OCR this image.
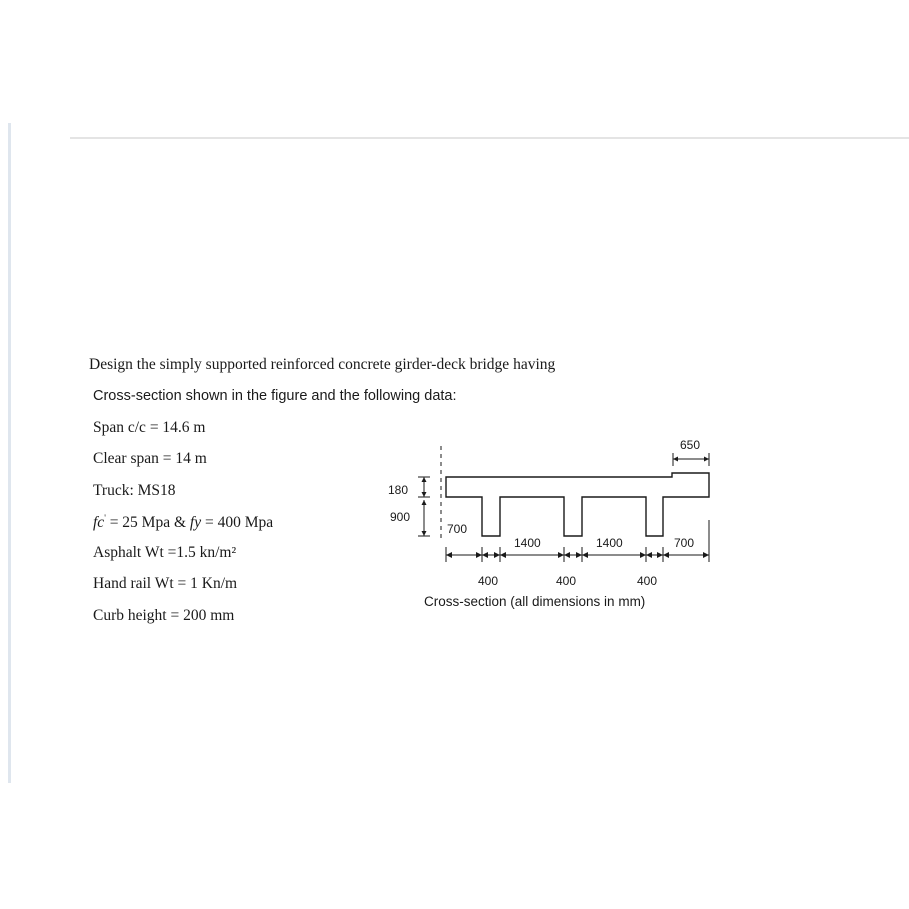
Design the simply supported reinforced concrete girder-deck bridge having
Cross-section shown in the figure and the following data:
Span c/c = 14.6 m
Clear span = 14 m
Truck: MS18
fc' = 25 Mpa & fy = 400 Mpa
Asphalt Wt =1.5 kn/m²
Hand rail Wt = 1 Kn/m
Curb height = 200 mm
650
180
900
700
1400	1400	700
400	400	400
Cross-section (all dimensions in mm)
